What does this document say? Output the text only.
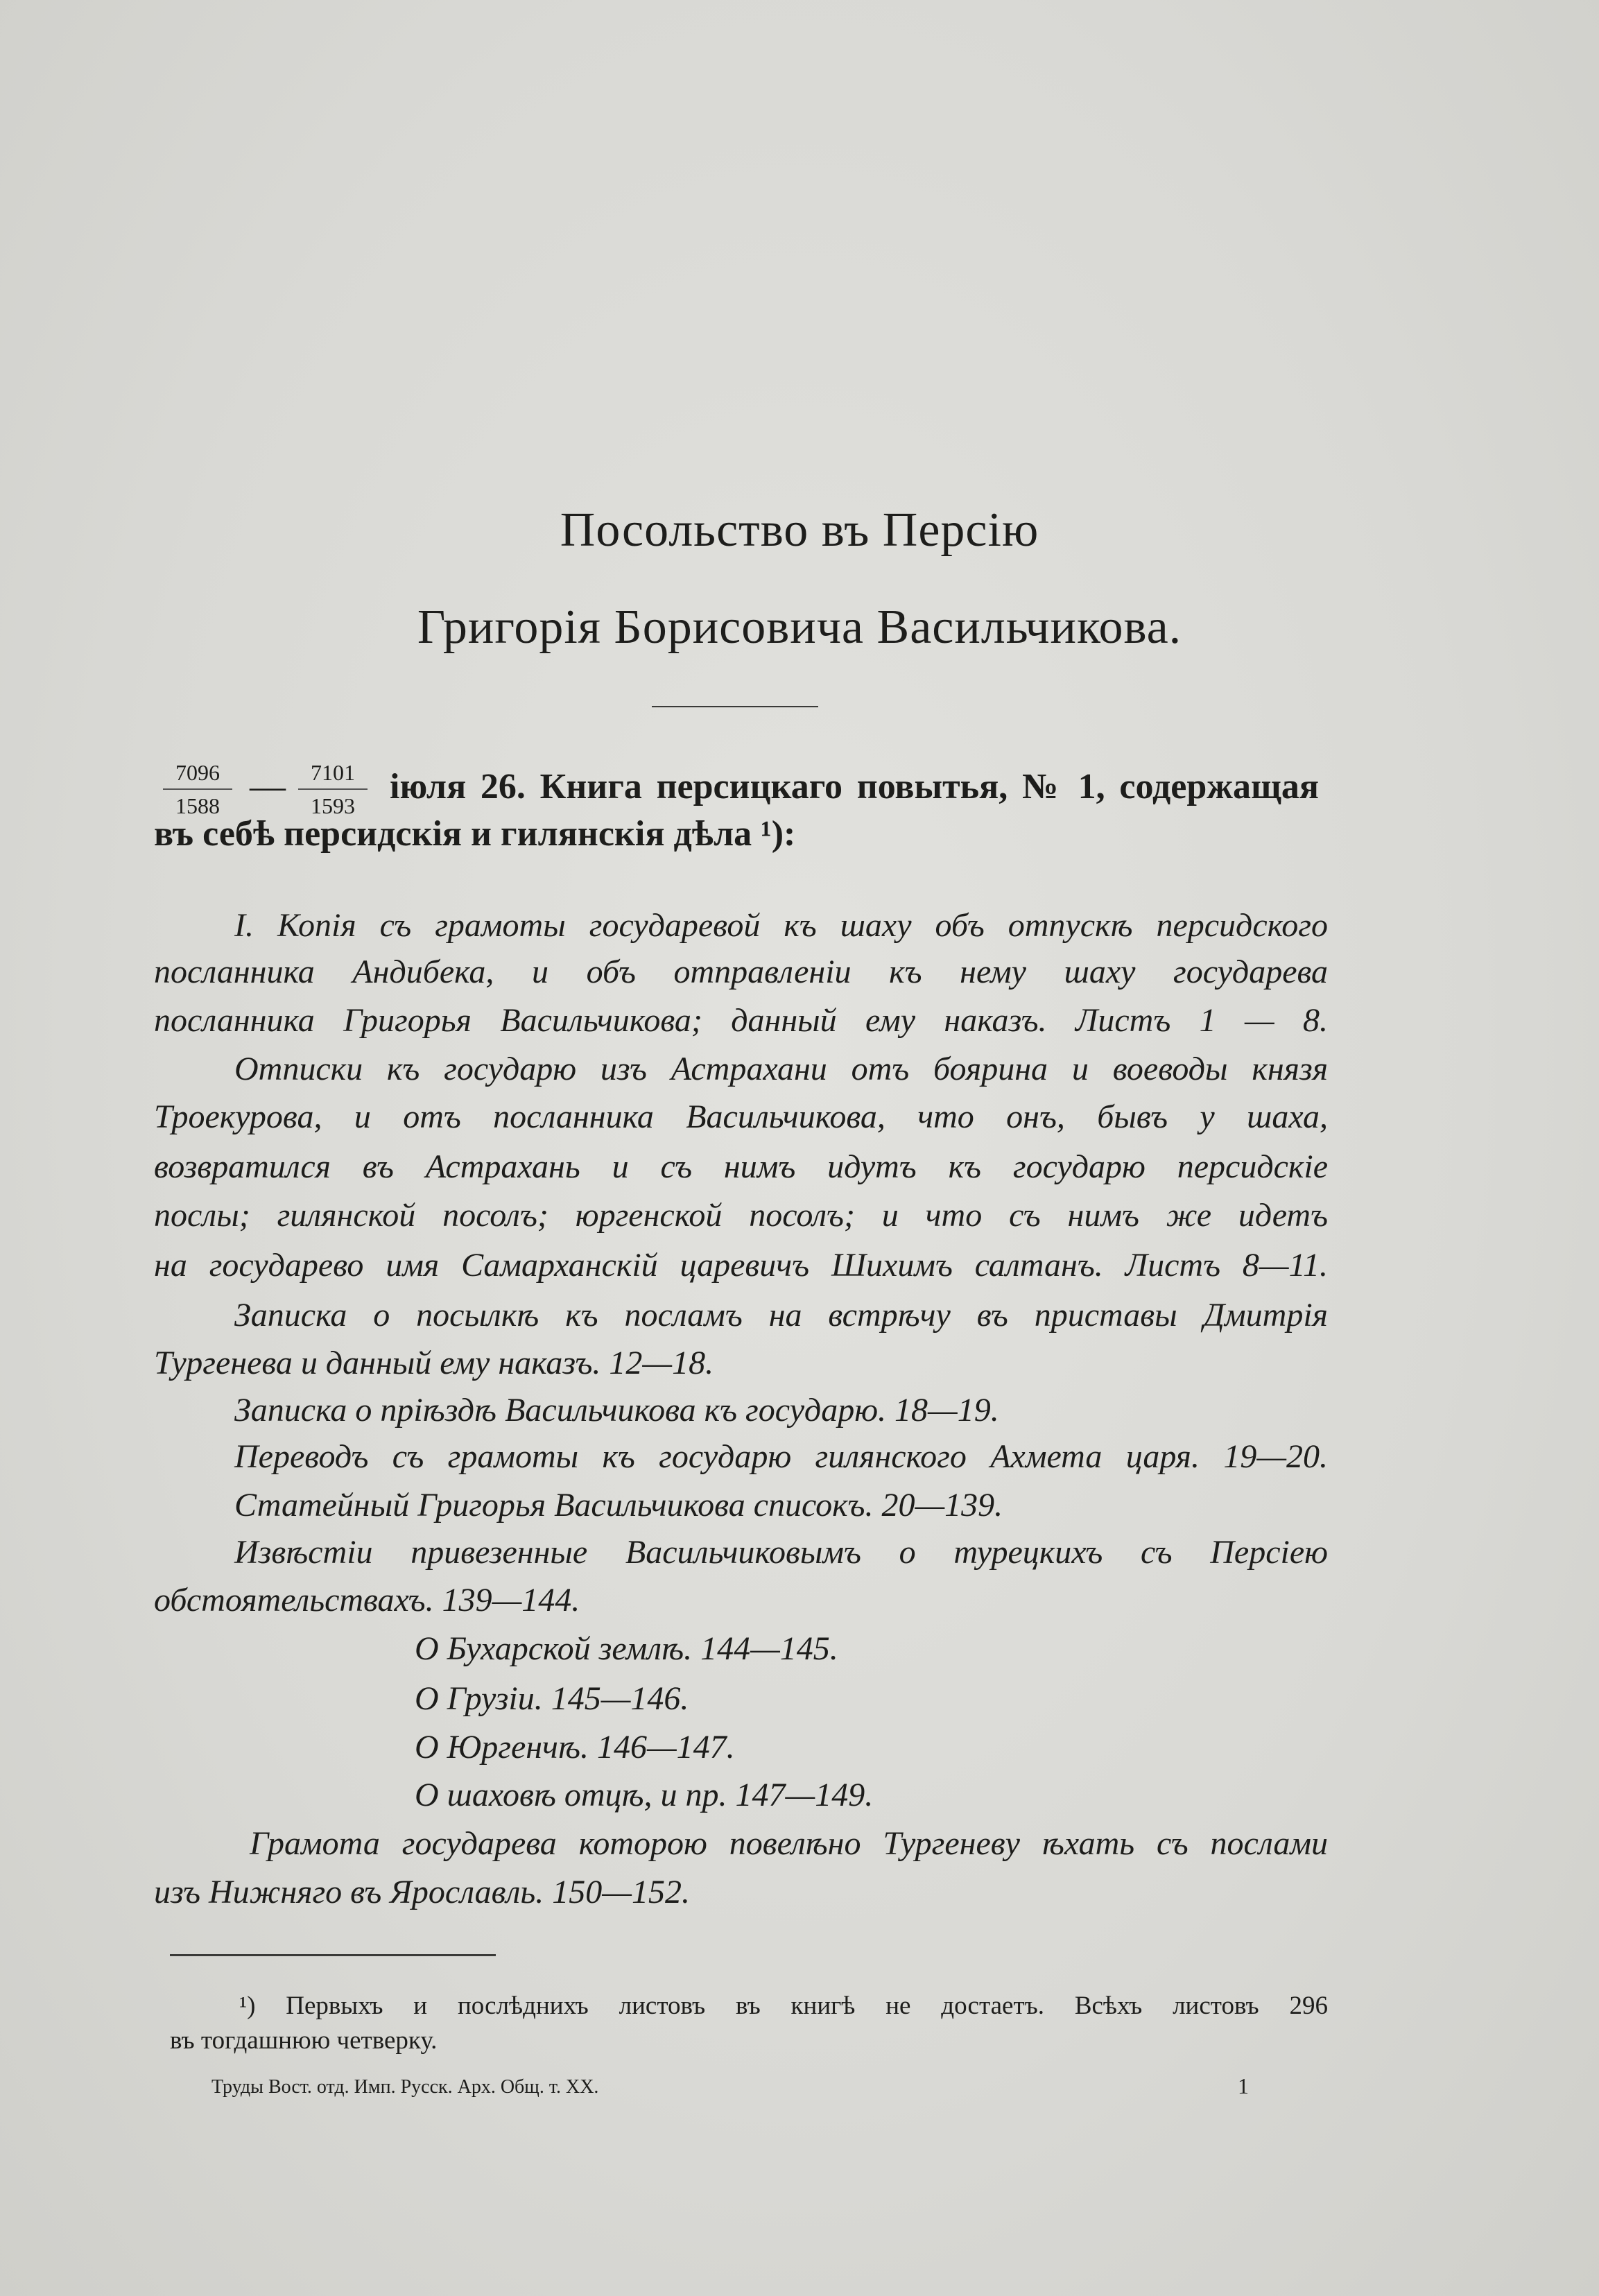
Посольство въ Персію
Григорія Борисовича Васильчикова.
7096
1588 —	7101
1593 іюля 26. Книга персицкаго повытья, № 1, содержащая
въ себѣ персидскія и гилянскія дѣла ¹):
I. Копія съ грамоты государевой къ шаху объ отпускѣ персидского
посланника Андибека, и объ отправленіи къ нему шаху государева
посланника Григорья Васильчикова; данный ему наказъ. Листъ 1 — 8.
Отписки къ государю изъ Астрахани отъ боярина и воеводы князя
Троекурова, и отъ посланника Васильчикова, что онъ, бывъ у шаха,
возвратился въ Астрахань и съ нимъ идутъ къ государю персидскіе
послы; гилянской посолъ; юргенской посолъ; и что съ нимъ же идетъ
на государево имя Самарханскій царевичъ Шихимъ салтанъ. Листъ 8—11.
Записка о посылкѣ къ посламъ на встрѣчу въ приставы Дмитрія
Тургенева и данный ему наказъ. 12—18.
Записка о пріѣздѣ Васильчикова къ государю. 18—19.
Переводъ съ грамоты къ государю гилянского Ахмета царя. 19—20.
Статейный Григорья Васильчикова списокъ. 20—139.
Извѣстіи привезенные Васильчиковымъ о турецкихъ съ Персіею
обстоятельствахъ. 139—144.
О Бухарской землѣ. 144—145.
О Грузіи. 145—146.
О Юргенчѣ. 146—147.
О шаховѣ отцѣ, и пр. 147—149.
Грамота государева которою повелѣно Тургеневу ѣхать съ послами
изъ Нижняго въ Ярославль. 150—152.
¹) Первыхъ и послѣднихъ листовъ въ книгѣ не достаетъ. Всѣхъ листовъ 296
въ тогдашнюю четверку.
Труды Вост. отд. Имп. Русск. Арх. Общ. т. XX.	1
